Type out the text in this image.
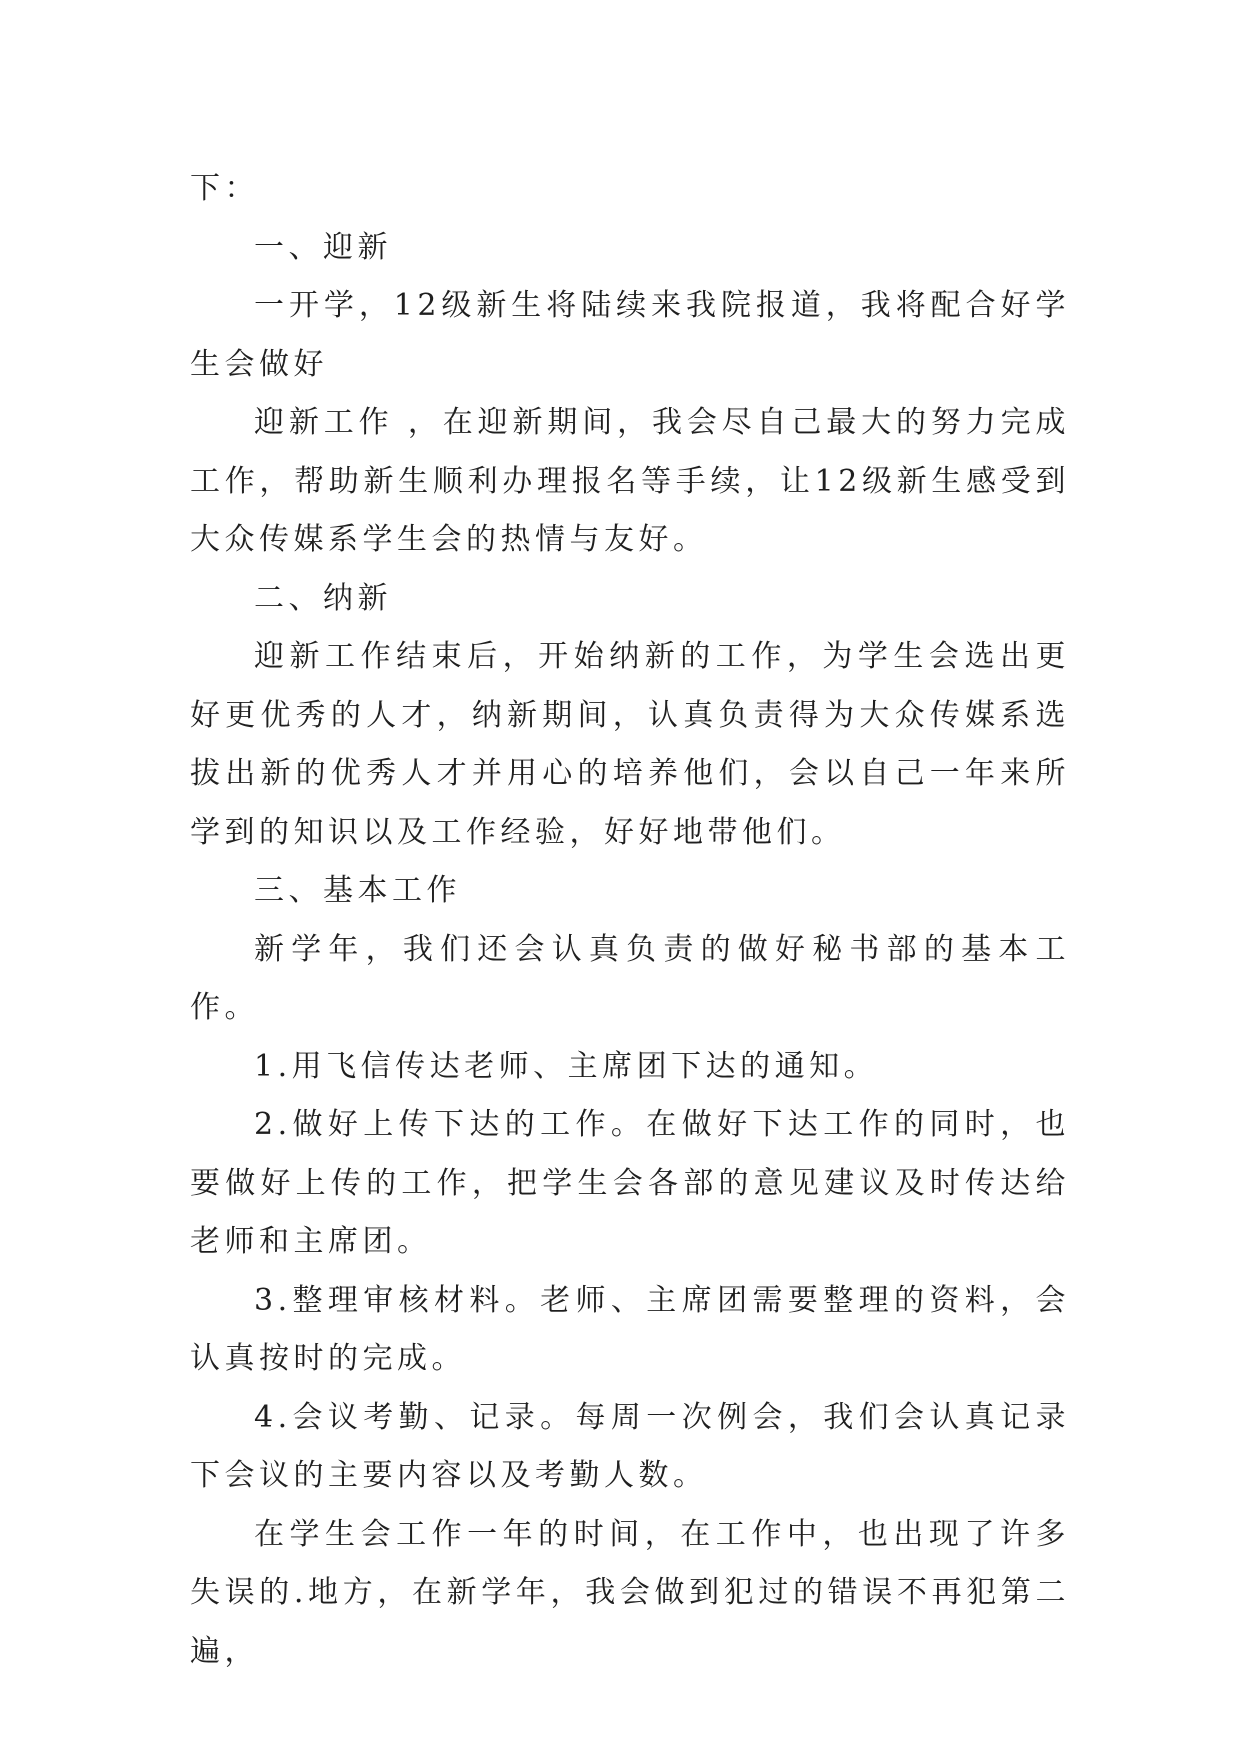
下：

一、迎新

一开学，12级新生将陆续来我院报道，我将配合好学生会做好

迎新工作 ，在迎新期间，我会尽自己最大的努力完成工作，帮助新生顺利办理报名等手续，让12级新生感受到大众传媒系学生会的热情与友好。

二、纳新

迎新工作结束后，开始纳新的工作，为学生会选出更好更优秀的人才，纳新期间，认真负责得为大众传媒系选拔出新的优秀人才并用心的培养他们，会以自己一年来所学到的知识以及工作经验，好好地带他们。

三、基本工作

新学年，我们还会认真负责的做好秘书部的基本工作。

1.用飞信传达老师、主席团下达的通知。

2.做好上传下达的工作。在做好下达工作的同时，也要做好上传的工作，把学生会各部的意见建议及时传达给老师和主席团。

3.整理审核材料。老师、主席团需要整理的资料，会认真按时的完成。

4.会议考勤、记录。每周一次例会，我们会认真记录下会议的主要内容以及考勤人数。

在学生会工作一年的时间，在工作中，也出现了许多失误的.地方，在新学年，我会做到犯过的错误不再犯第二遍，
